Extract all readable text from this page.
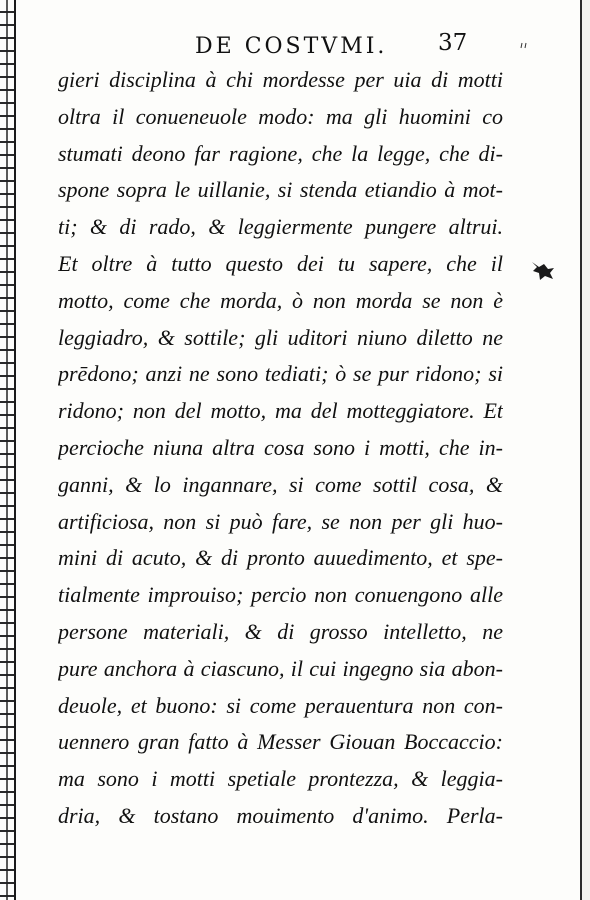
DE COSTVMI. 37
gieri disciplina à chi mordesse per uia di motti
oltra il conueneuole modo: ma gli huomini co
stumati deono far ragione, che la legge, che di-
spone sopra le uillanie, si stenda etiandio à mot-
ti; & di rado, & leggiermente pungere altrui.
Et oltre à tutto questo dei tu sapere, che il
motto, come che morda, ò non morda se non è
leggiadro, & sottile; gli uditori niuno diletto ne
prēdono; anzi ne sono tediati; ò se pur ridono; si
ridono; non del motto, ma del motteggiatore. Et
percioche niuna altra cosa sono i motti, che in-
ganni, & lo ingannare, si come sottil cosa, &
artificiosa, non si può fare, se non per gli huo-
mini di acuto, & di pronto auuedimento, et spe-
tialmente improuiso; percio non conuengono alle
persone materiali, & di grosso intelletto, ne
pure anchora à ciascuno, il cui ingegno sia abon-
deuole, et buono: si come perauentura non con-
uennero gran fatto à Messer Giouan Boccaccio:
ma sono i motti spetiale prontezza, & leggia-
dria, & tostano mouimento d'animo. Perla-
